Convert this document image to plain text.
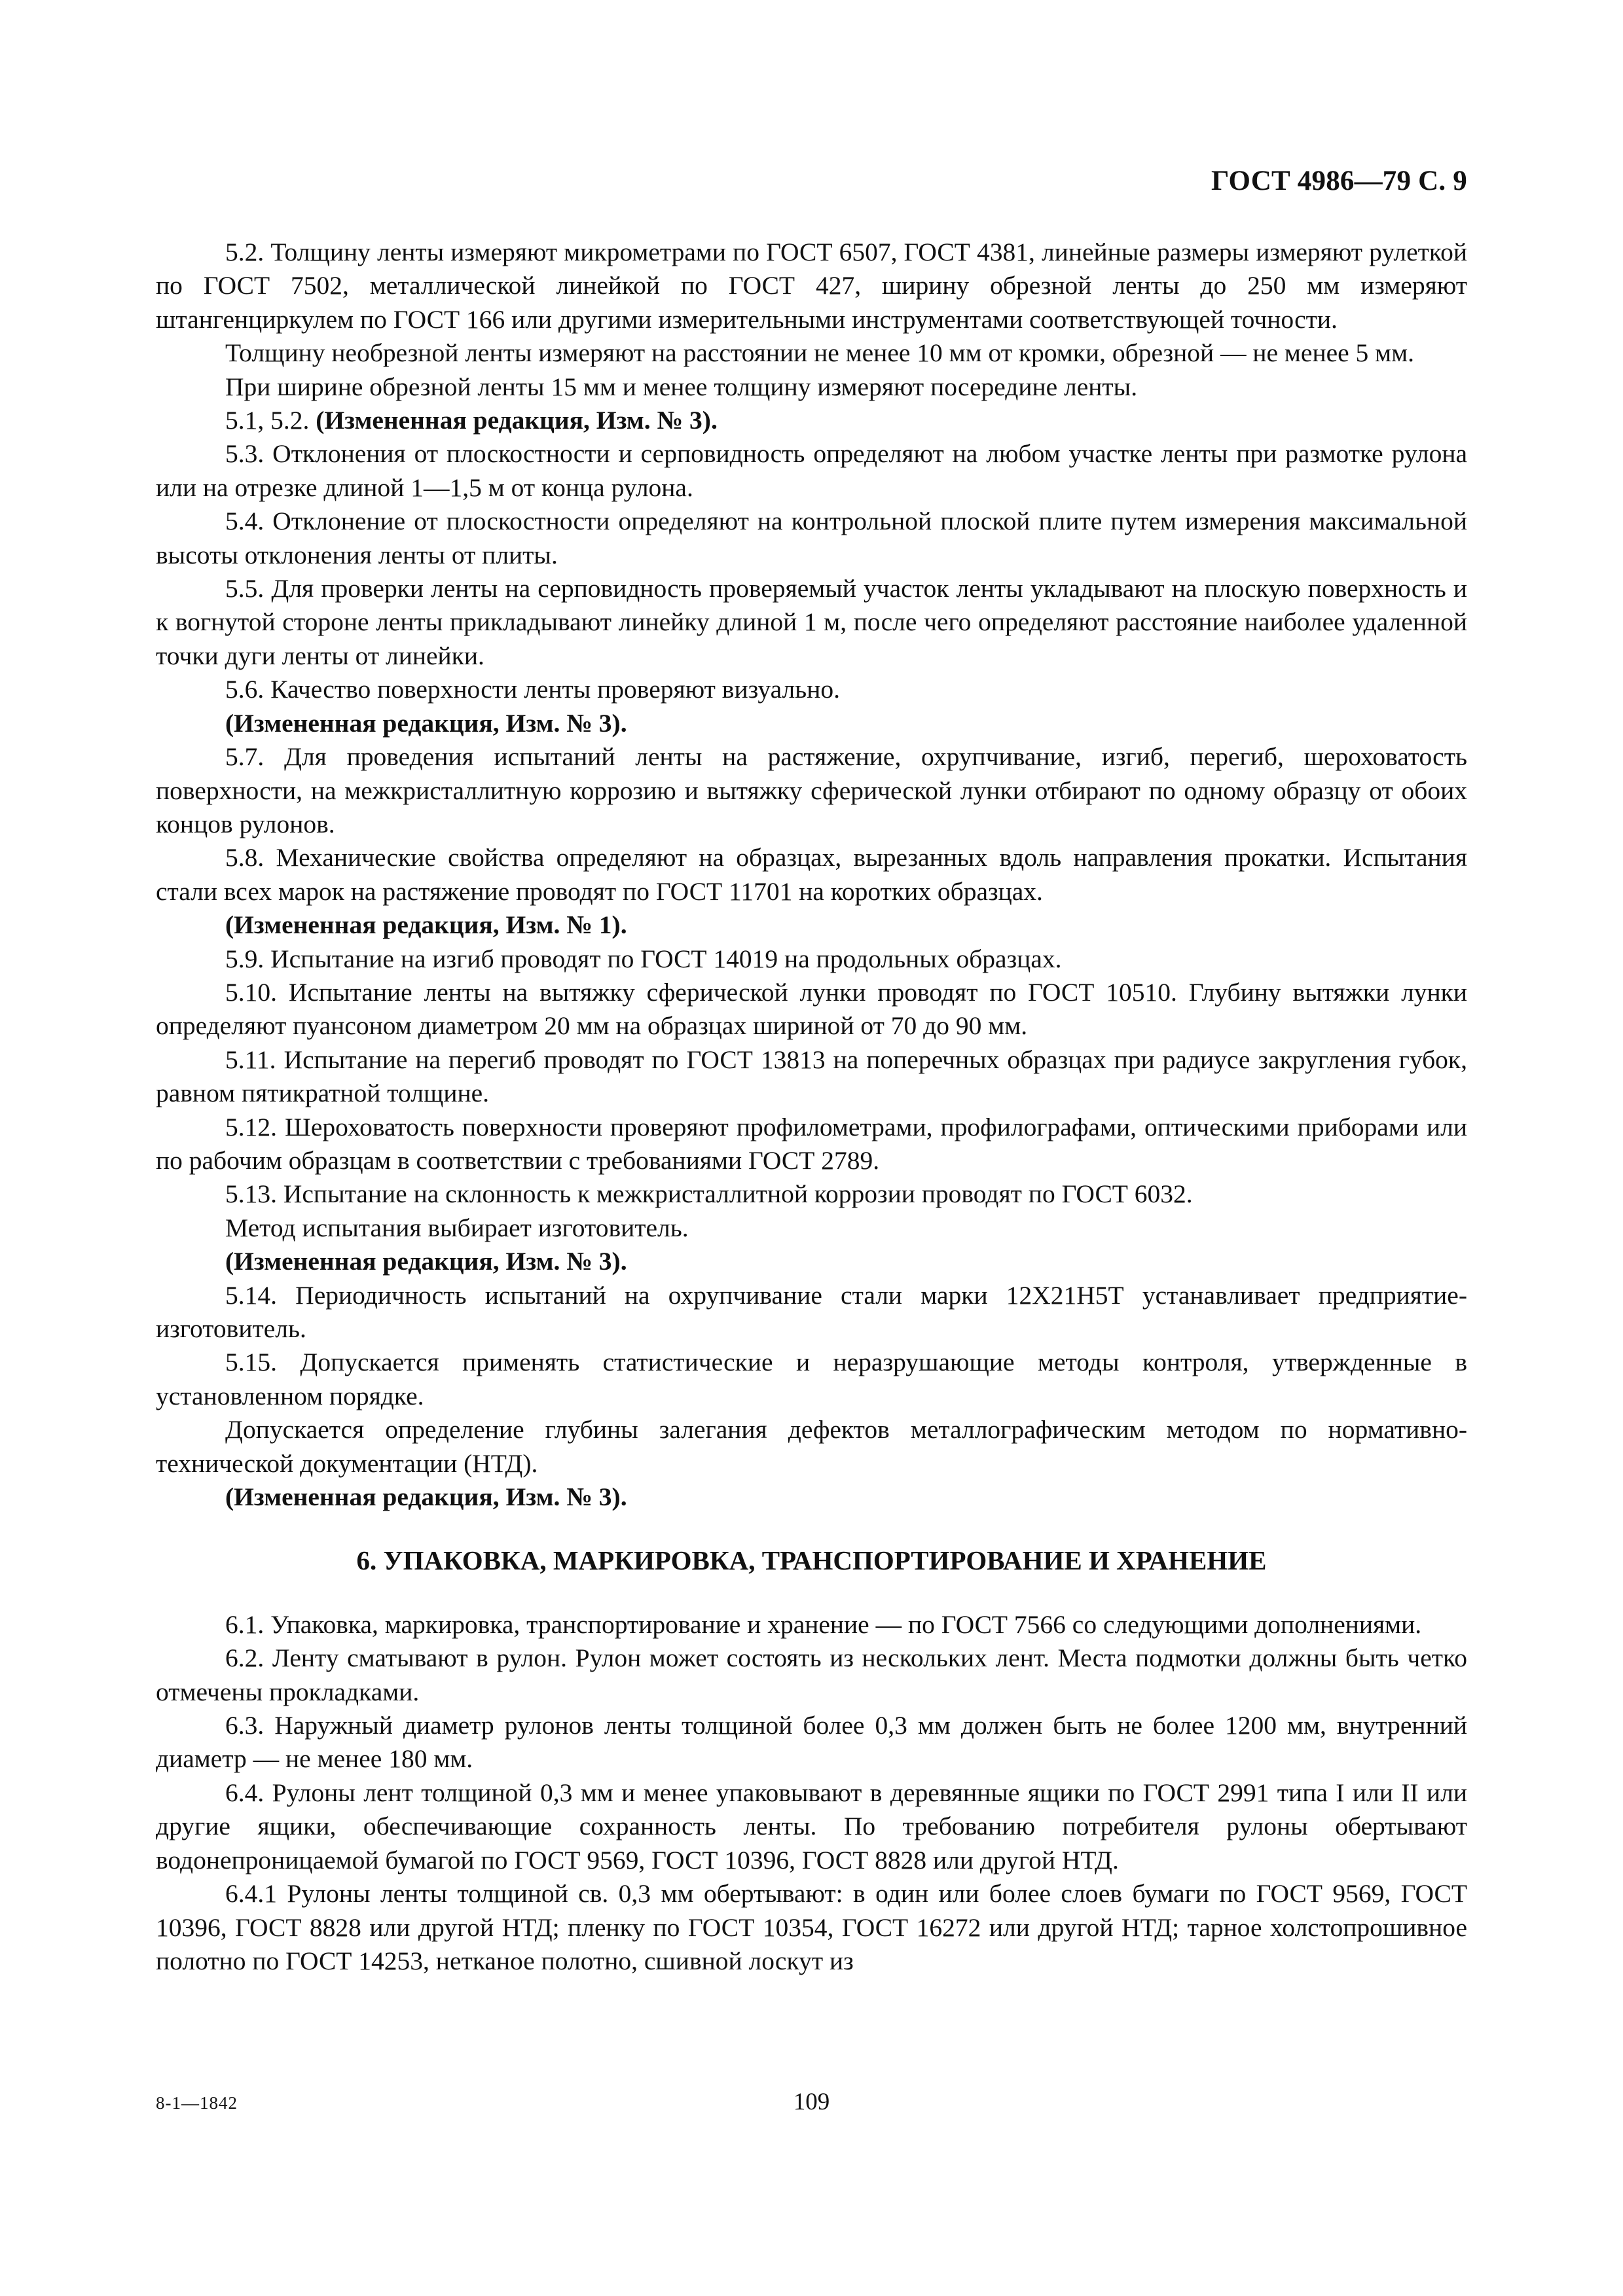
ГОСТ 4986—79 С. 9

5.2. Толщину ленты измеряют микрометрами по ГОСТ 6507, ГОСТ 4381, линейные размеры измеряют рулеткой по ГОСТ 7502, металлической линейкой по ГОСТ 427, ширину обрезной ленты до 250 мм измеряют штангенциркулем по ГОСТ 166 или другими измерительными инструментами соответствующей точности.

Толщину необрезной ленты измеряют на расстоянии не менее 10 мм от кромки, обрезной — не менее 5 мм.

При ширине обрезной ленты 15 мм и менее толщину измеряют посередине ленты.

5.1, 5.2. (Измененная редакция, Изм. № 3).

5.3. Отклонения от плоскостности и серповидность определяют на любом участке ленты при размотке рулона или на отрезке длиной 1—1,5 м от конца рулона.

5.4. Отклонение от плоскостности определяют на контрольной плоской плите путем измерения максимальной высоты отклонения ленты от плиты.

5.5. Для проверки ленты на серповидность проверяемый участок ленты укладывают на плоскую поверхность и к вогнутой стороне ленты прикладывают линейку длиной 1 м, после чего определяют расстояние наиболее удаленной точки дуги ленты от линейки.

5.6. Качество поверхности ленты проверяют визуально.

(Измененная редакция, Изм. № 3).

5.7. Для проведения испытаний ленты на растяжение, охрупчивание, изгиб, перегиб, шероховатость поверхности, на межкристаллитную коррозию и вытяжку сферической лунки отбирают по одному образцу от обоих концов рулонов.

5.8. Механические свойства определяют на образцах, вырезанных вдоль направления прокатки. Испытания стали всех марок на растяжение проводят по ГОСТ 11701 на коротких образцах.

(Измененная редакция, Изм. № 1).

5.9. Испытание на изгиб проводят по ГОСТ 14019 на продольных образцах.

5.10. Испытание ленты на вытяжку сферической лунки проводят по ГОСТ 10510. Глубину вытяжки лунки определяют пуансоном диаметром 20 мм на образцах шириной от 70 до 90 мм.

5.11. Испытание на перегиб проводят по ГОСТ 13813 на поперечных образцах при радиусе закругления губок, равном пятикратной толщине.

5.12. Шероховатость поверхности проверяют профилометрами, профилографами, оптическими приборами или по рабочим образцам в соответствии с требованиями ГОСТ 2789.

5.13. Испытание на склонность к межкристаллитной коррозии проводят по ГОСТ 6032.

Метод испытания выбирает изготовитель.

(Измененная редакция, Изм. № 3).

5.14. Периодичность испытаний на охрупчивание стали марки 12Х21Н5Т устанавливает предприятие-изготовитель.

5.15. Допускается применять статистические и неразрушающие методы контроля, утвержденные в установленном порядке.

Допускается определение глубины залегания дефектов металлографическим методом по нормативно-технической документации (НТД).

(Измененная редакция, Изм. № 3).

6. УПАКОВКА, МАРКИРОВКА, ТРАНСПОРТИРОВАНИЕ И ХРАНЕНИЕ

6.1. Упаковка, маркировка, транспортирование и хранение — по ГОСТ 7566 со следующими дополнениями.

6.2. Ленту сматывают в рулон. Рулон может состоять из нескольких лент. Места подмотки должны быть четко отмечены прокладками.

6.3. Наружный диаметр рулонов ленты толщиной более 0,3 мм должен быть не более 1200 мм, внутренний диаметр — не менее 180 мм.

6.4. Рулоны лент толщиной 0,3 мм и менее упаковывают в деревянные ящики по ГОСТ 2991 типа I или II или другие ящики, обеспечивающие сохранность ленты. По требованию потребителя рулоны обертывают водонепроницаемой бумагой по ГОСТ 9569, ГОСТ 10396, ГОСТ 8828 или другой НТД.

6.4.1 Рулоны ленты толщиной св. 0,3 мм обертывают: в один или более слоев бумаги по ГОСТ 9569, ГОСТ 10396, ГОСТ 8828 или другой НТД; пленку по ГОСТ 10354, ГОСТ 16272 или другой НТД; тарное холстопрошивное полотно по ГОСТ 14253, нетканое полотно, сшивной лоскут из

8-1—1842	109
